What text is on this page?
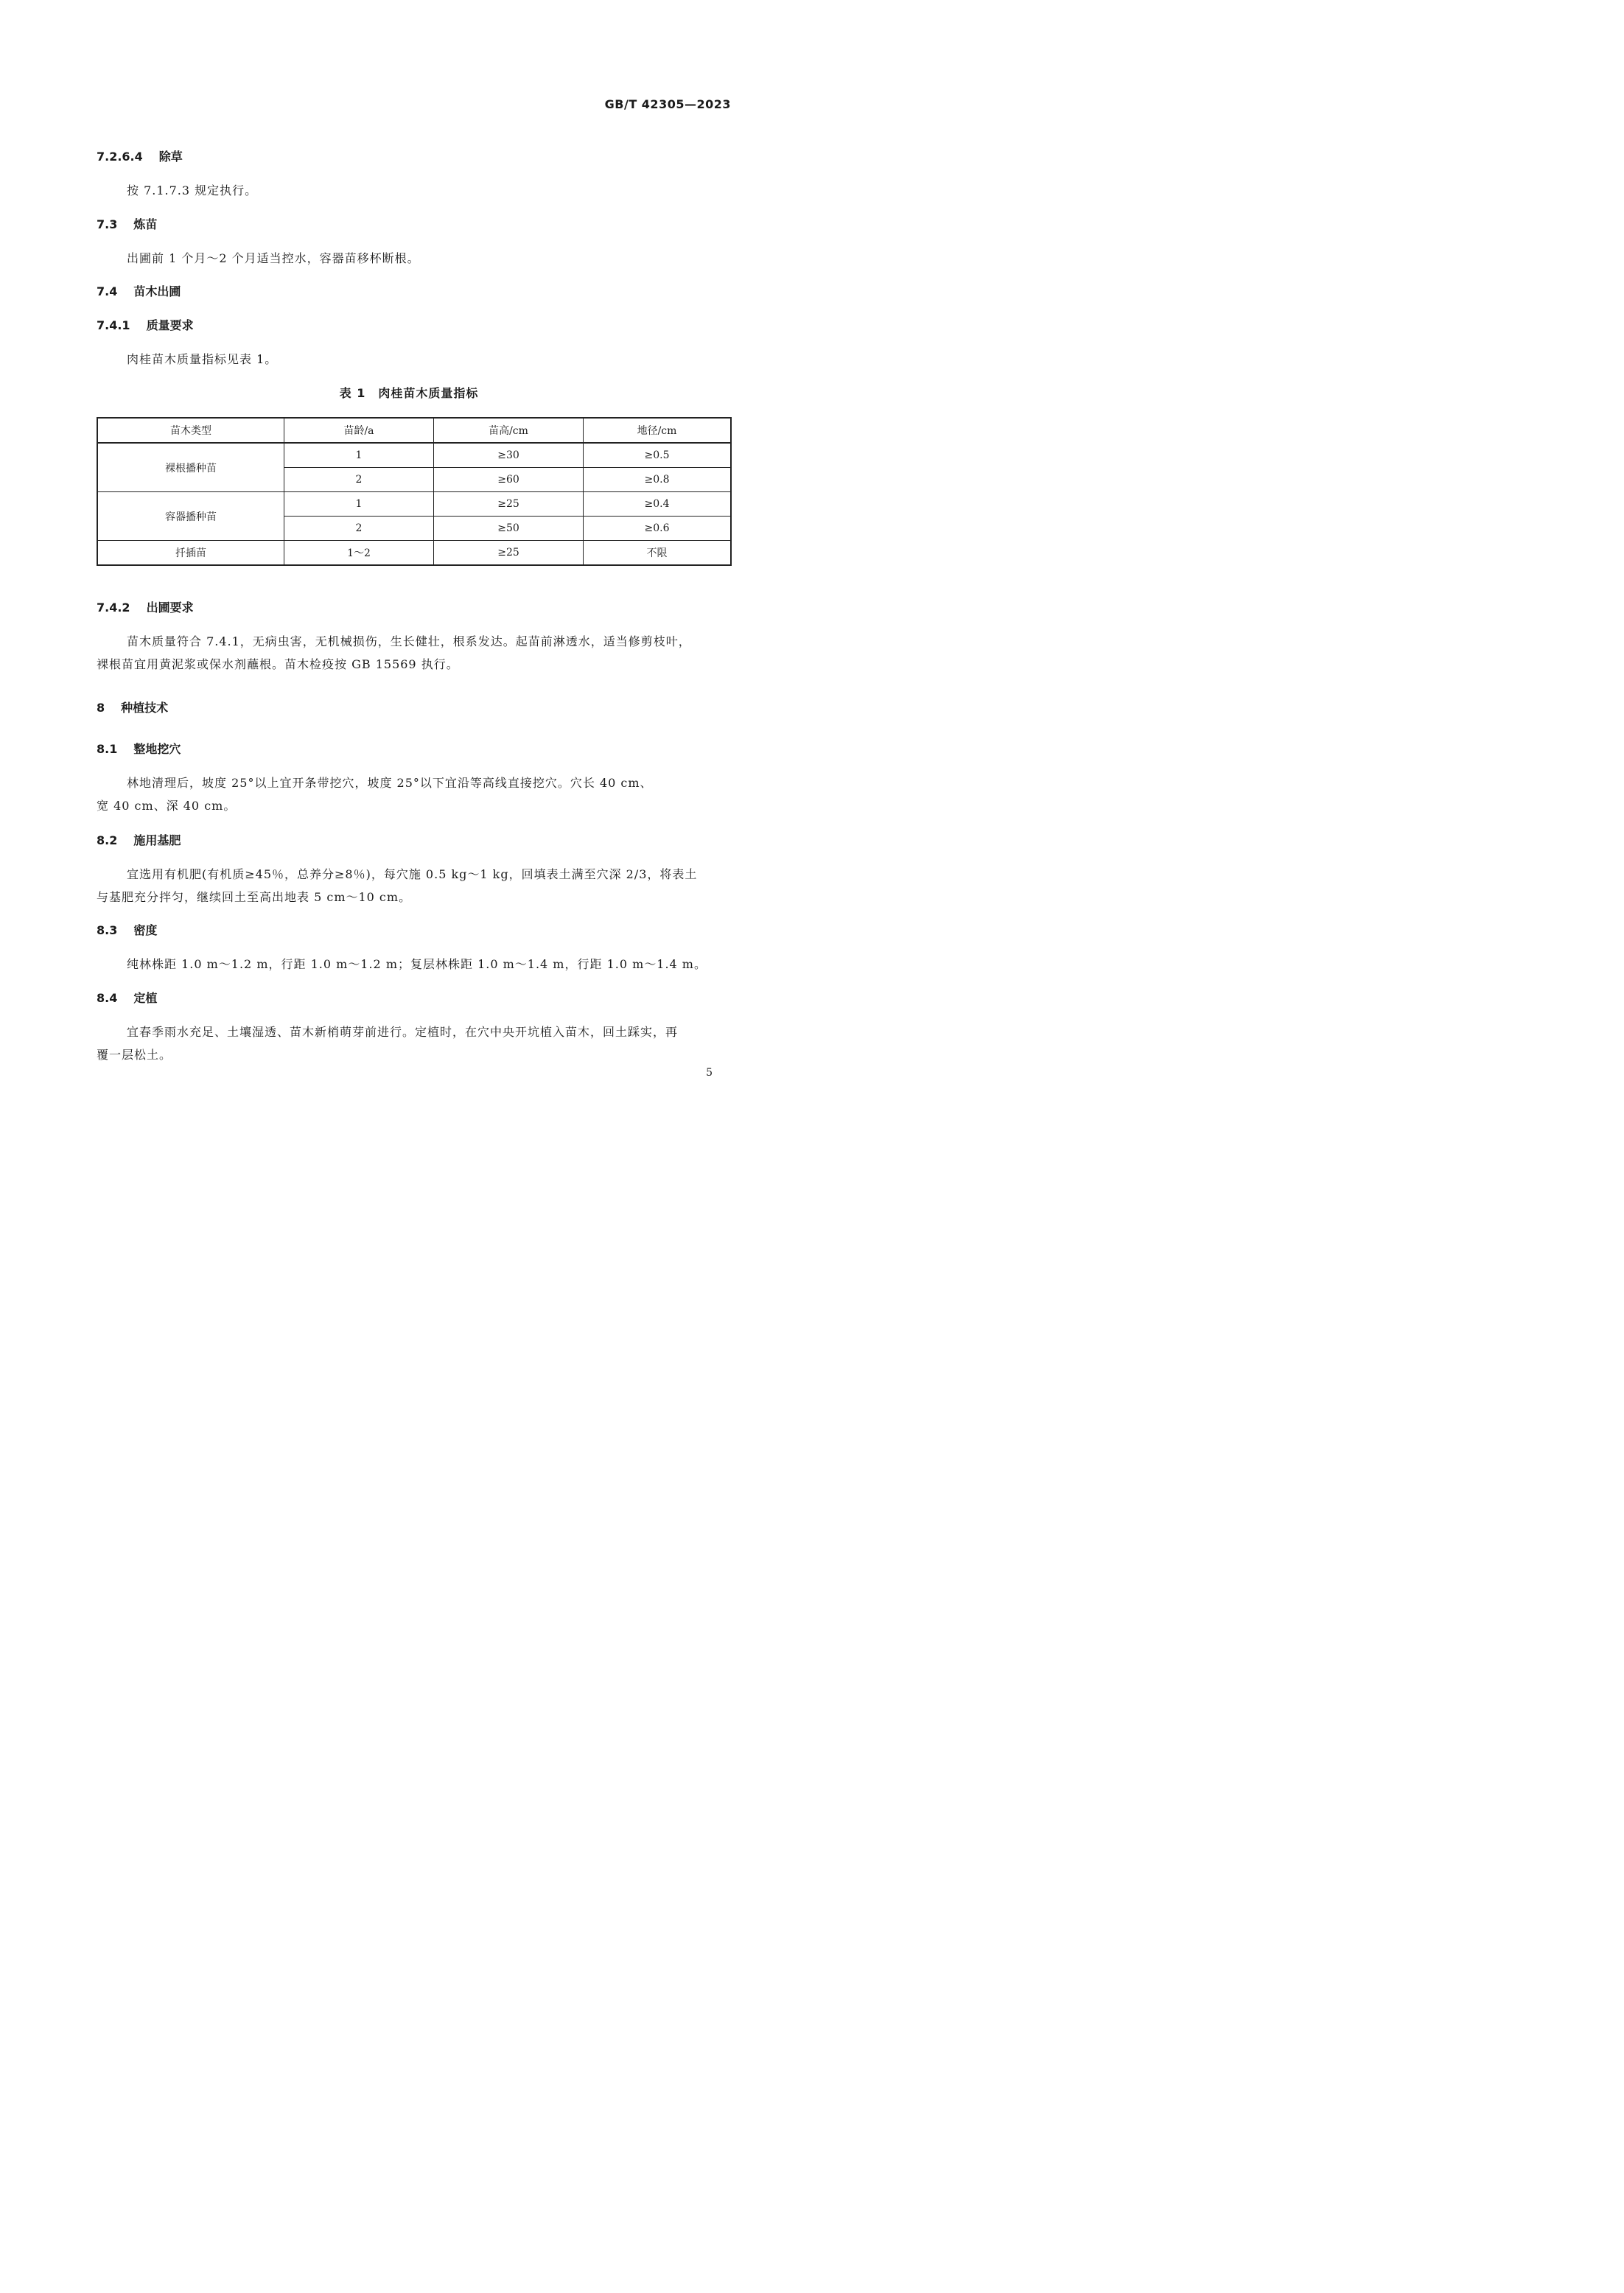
GB/T 42305—2023
7.2.6.4 除草
按 7.1.7.3 规定执行。
7.3 炼苗
出圃前 1 个月～2 个月适当控水，容器苗移杯断根。
7.4 苗木出圃
7.4.1 质量要求
肉桂苗木质量指标见表 1。
表 1　肉桂苗木质量指标
苗木类型	苗龄/a	苗高/cm	地径/cm
裸根播种苗	1	≥30	≥0.5
	2	≥60	≥0.8
容器播种苗	1	≥25	≥0.4
	2	≥50	≥0.6
扦插苗	1～2	≥25	不限
7.4.2 出圃要求
苗木质量符合 7.4.1，无病虫害，无机械损伤，生长健壮，根系发达。起苗前淋透水，适当修剪枝叶，
裸根苗宜用黄泥浆或保水剂蘸根。苗木检疫按 GB 15569 执行。
8 种植技术
8.1 整地挖穴
林地清理后，坡度 25°以上宜开条带挖穴，坡度 25°以下宜沿等高线直接挖穴。穴长 40 cm、
宽 40 cm、深 40 cm。
8.2 施用基肥
宜选用有机肥(有机质≥45％，总养分≥8％)，每穴施 0.5 kg～1 kg，回填表土满至穴深 2/3，将表土
与基肥充分拌匀，继续回土至高出地表 5 cm～10 cm。
8.3 密度
纯林株距 1.0 m～1.2 m，行距 1.0 m～1.2 m；复层林株距 1.0 m～1.4 m，行距 1.0 m～1.4 m。
8.4 定植
宜春季雨水充足、土壤湿透、苗木新梢萌芽前进行。定植时，在穴中央开坑植入苗木，回土踩实，再
覆一层松土。
5
